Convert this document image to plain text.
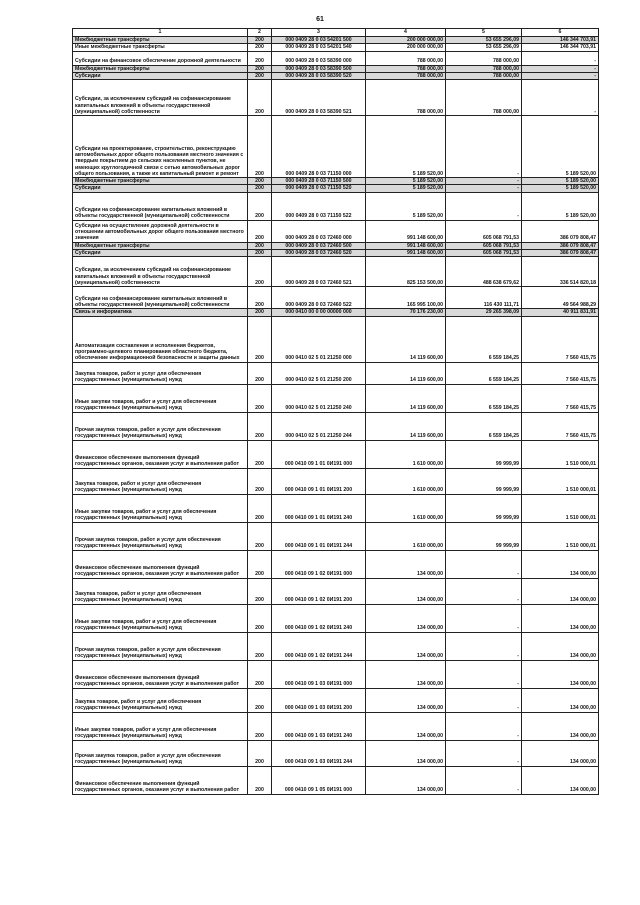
61
1	2	3	4	5	6
Межбюджетные трансферты	200	000 0409 28 0 03 54201 500	200 000 000,00	53 655 296,09	146 344 703,91
Иные межбюджетные трансферты	200	000 0409 28 0 03 54201 540	200 000 000,00	53 655 296,09	146 344 703,91
Субсидии на финансовое обеспечение дорожной деятельности	200	000 0409 28 0 03 58390 000	788 000,00	788 000,00	-
Межбюджетные трансферты	200	000 0409 28 0 03 58390 500	788 000,00	788 000,00	-
Субсидии	200	000 0409 28 0 03 58390 520	788 000,00	788 000,00	-
Субсидии, за исключением субсидий на софинансирование капитальных вложений в объекты государственной (муниципальной) собственности	200	000 0409 28 0 03 58390 521	788 000,00	788 000,00	-
Субсидии на проектирование, строительство, реконструкцию автомобильных дорог общего пользования местного значения с твердым покрытием до сельских населенных пунктов, не имеющих круглогодичной связи с сетью автомобильных дорог общего пользования, а также их капитальный ремонт и ремонт	200	000 0409 28 0 03 71150 000	5 189 520,00	-	5 189 520,00
Межбюджетные трансферты	200	000 0409 28 0 03 71150 500	5 189 520,00	-	5 189 520,00
Субсидии	200	000 0409 28 0 03 71150 520	5 189 520,00	-	5 189 520,00
Субсидии на софинансирование капитальных вложений в объекты государственной (муниципальной) собственности	200	000 0409 28 0 03 71150 522	5 189 520,00	-	5 189 520,00
Субсидии на осуществление дорожной деятельности в отношении автомобильных дорог общего пользования местного значения	200	000 0409 28 0 03 72460 000	991 148 600,00	605 068 791,53	386 079 808,47
Межбюджетные трансферты	200	000 0409 28 0 03 72460 500	991 148 600,00	605 068 791,53	386 079 808,47
Субсидии	200	000 0409 28 0 03 72460 520	991 148 600,00	605 068 791,53	386 079 808,47
Субсидии, за исключением субсидий на софинансирование капитальных вложений в объекты государственной (муниципальной) собственности	200	000 0409 28 0 03 72460 521	825 153 500,00	488 638 679,62	336 514 820,18
Субсидии на софинансирование капитальных вложений в объекты государственной (муниципальной) собственности	200	000 0409 28 0 03 72460 522	165 995 100,00	116 430 111,71	49 564 988,29
Связь и информатика	200	000 0410 00 0 00 00000 000	70 176 230,00	29 265 398,09	40 911 831,91
Автоматизация составления и исполнения бюджетов, программно-целевого планирования областного бюджета, обеспечение информационной безопасности и защиты данных	200	000 0410 02 5 01 21250 000	14 119 600,00	6 559 184,25	7 560 415,75
Закупка товаров, работ и услуг для обеспечения государственных (муниципальных) нужд	200	000 0410 02 5 01 21250 200	14 119 600,00	6 559 184,25	7 560 415,75
Иные закупки товаров, работ и услуг для обеспечения государственных (муниципальных) нужд	200	000 0410 02 5 01 21250 240	14 119 600,00	6 559 184,25	7 560 415,75
Прочая закупка товаров, работ и услуг для обеспечения государственных (муниципальных) нужд	200	000 0410 02 5 01 21250 244	14 119 600,00	6 559 184,25	7 560 415,75
Финансовое обеспечение выполнения функций государственных органов, оказания услуг и выполнения работ	200	000 0410 09 1 01 0И191 000	1 610 000,00	99 999,99	1 510 000,01
Закупка товаров, работ и услуг для обеспечения государственных (муниципальных) нужд	200	000 0410 09 1 01 0И191 200	1 610 000,00	99 999,99	1 510 000,01
Иные закупки товаров, работ и услуг для обеспечения государственных (муниципальных) нужд	200	000 0410 09 1 01 0И191 240	1 610 000,00	99 999,99	1 510 000,01
Прочая закупка товаров, работ и услуг для обеспечения государственных (муниципальных) нужд	200	000 0410 09 1 01 0И191 244	1 610 000,00	99 999,99	1 510 000,01
Финансовое обеспечение выполнения функций государственных органов, оказания услуг и выполнения работ	200	000 0410 09 1 02 0И191 000	134 000,00	-	134 000,00
Закупка товаров, работ и услуг для обеспечения государственных (муниципальных) нужд	200	000 0410 09 1 02 0И191 200	134 000,00	-	134 000,00
Иные закупки товаров, работ и услуг для обеспечения государственных (муниципальных) нужд	200	000 0410 09 1 02 0И191 240	134 000,00	-	134 000,00
Прочая закупка товаров, работ и услуг для обеспечения государственных (муниципальных) нужд	200	000 0410 09 1 02 0И191 244	134 000,00	-	134 000,00
Финансовое обеспечение выполнения функций государственных органов, оказания услуг и выполнения работ	200	000 0410 09 1 03 0И191 000	134 000,00	-	134 000,00
Закупка товаров, работ и услуг для обеспечения государственных (муниципальных) нужд	200	000 0410 09 1 03 0И191 200	134 000,00	-	134 000,00
Иные закупки товаров, работ и услуг для обеспечения государственных (муниципальных) нужд	200	000 0410 09 1 03 0И191 240	134 000,00	-	134 000,00
Прочая закупка товаров, работ и услуг для обеспечения государственных (муниципальных) нужд	200	000 0410 09 1 03 0И191 244	134 000,00	-	134 000,00
Финансовое обеспечение выполнения функций государственных органов, оказания услуг и выполнения работ	200	000 0410 09 1 05 0И191 000	134 000,00	-	134 000,00
